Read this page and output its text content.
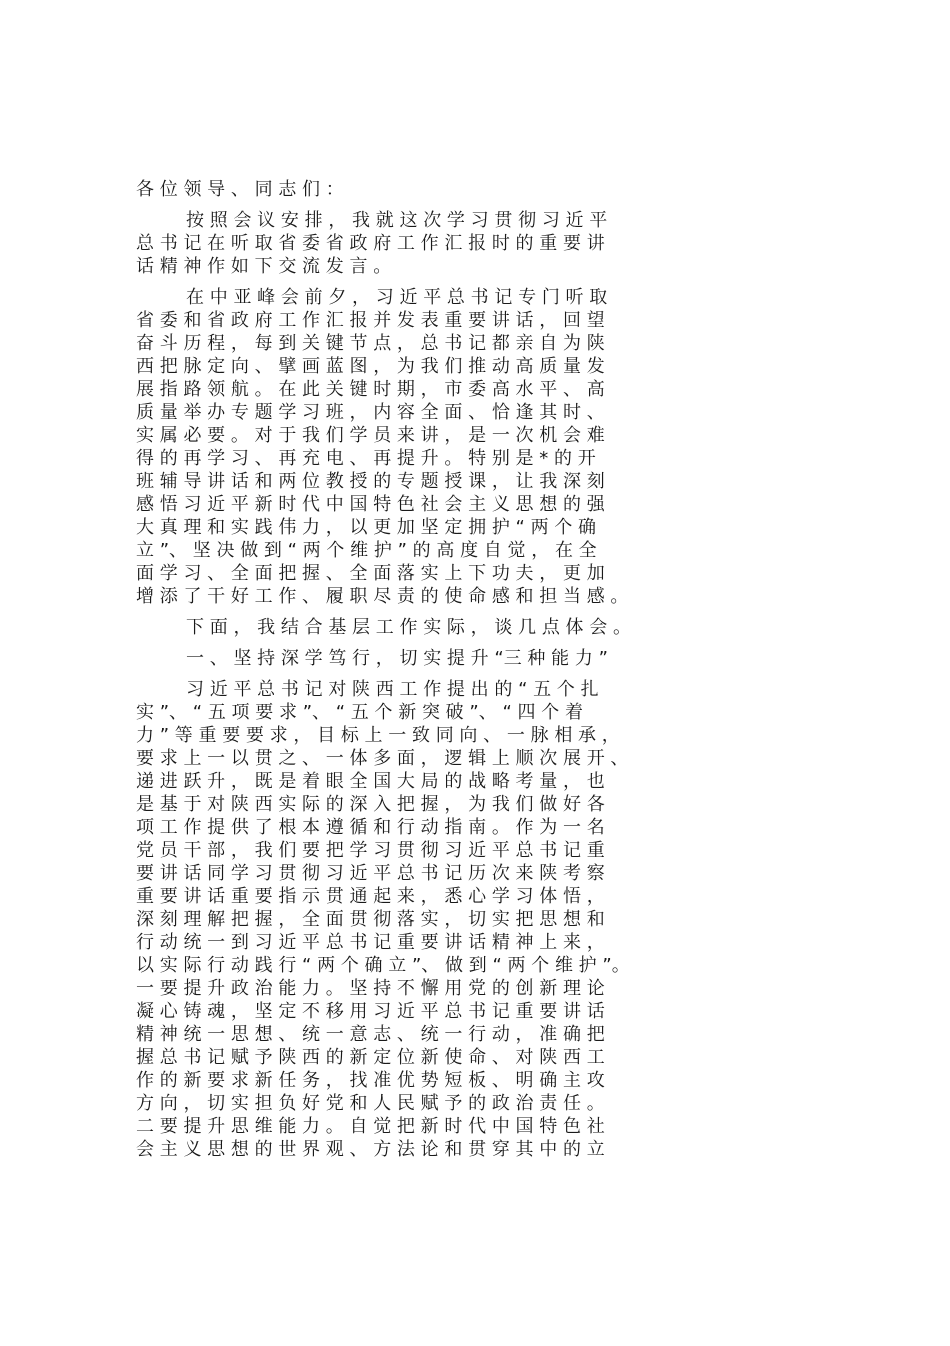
各 位 领 导 、 同 志 们 ：
按 照 会 议 安 排 ， 我 就 这 次 学 习 贯 彻 习 近 平
总 书 记 在 听 取 省 委 省 政 府 工 作 汇 报 时 的 重 要 讲
话 精 神 作 如 下 交 流 发 言 。
在 中 亚 峰 会 前 夕 ， 习 近 平 总 书 记 专 门 听 取
省 委 和 省 政 府 工 作 汇 报 并 发 表 重 要 讲 话 ， 回 望
奋 斗 历 程 ， 每 到 关 键 节 点 ， 总 书 记 都 亲 自 为 陕
西 把 脉 定 向 、 擘 画 蓝 图 ， 为 我 们 推 动 高 质 量 发
展 指 路 领 航 。 在 此 关 键 时 期 ， 市 委 高 水 平 、 高
质 量 举 办 专 题 学 习 班 ， 内 容 全 面 、 恰 逢 其 时 、
实 属 必 要 。 对 于 我 们 学 员 来 讲 ， 是 一 次 机 会 难
得 的 再 学 习 、 再 充 电 、 再 提 升 。 特 别 是 * 的 开
班 辅 导 讲 话 和 两 位 教 授 的 专 题 授 课 ， 让 我 深 刻
感 悟 习 近 平 新 时 代 中 国 特 色 社 会 主 义 思 想 的 强
大 真 理 和 实 践 伟 力 ， 以 更 加 坚 定 拥 护 “ 两 个 确
立 ”、 坚 决 做 到 “ 两 个 维 护 ” 的 高 度 自 觉 ， 在 全
面 学 习 、 全 面 把 握 、 全 面 落 实 上 下 功 夫 ， 更 加
增 添 了 干 好 工 作 、 履 职 尽 责 的 使 命 感 和 担 当 感 。
下 面 ， 我 结 合 基 层 工 作 实 际 ， 谈 几 点 体 会 。
一 、 坚 持 深 学 笃 行 ， 切 实 提 升 “三 种 能 力 ”
习 近 平 总 书 记 对 陕 西 工 作 提 出 的 “ 五 个 扎
实 ”、 “ 五 项 要 求 ”、 “ 五 个 新 突 破 ”、 “ 四 个 着
力 ” 等 重 要 要 求 ， 目 标 上 一 致 同 向 、 一 脉 相 承 ，
要 求 上 一 以 贯 之 、 一 体 多 面 ， 逻 辑 上 顺 次 展 开 、
递 进 跃 升 ， 既 是 着 眼 全 国 大 局 的 战 略 考 量 ， 也
是 基 于 对 陕 西 实 际 的 深 入 把 握 ， 为 我 们 做 好 各
项 工 作 提 供 了 根 本 遵 循 和 行 动 指 南 。 作 为 一 名
党 员 干 部 ， 我 们 要 把 学 习 贯 彻 习 近 平 总 书 记 重
要 讲 话 同 学 习 贯 彻 习 近 平 总 书 记 历 次 来 陕 考 察
重 要 讲 话 重 要 指 示 贯 通 起 来 ， 悉 心 学 习 体 悟 ，
深 刻 理 解 把 握 ， 全 面 贯 彻 落 实 ， 切 实 把 思 想 和
行 动 统 一 到 习 近 平 总 书 记 重 要 讲 话 精 神 上 来 ，
以 实 际 行 动 践 行 “ 两 个 确 立 ”、 做 到 “ 两 个 维 护 ”。
一 要 提 升 政 治 能 力 。 坚 持 不 懈 用 党 的 创 新 理 论
凝 心 铸 魂 ， 坚 定 不 移 用 习 近 平 总 书 记 重 要 讲 话
精 神 统 一 思 想 、 统 一 意 志 、 统 一 行 动 ， 准 确 把
握 总 书 记 赋 予 陕 西 的 新 定 位 新 使 命 、 对 陕 西 工
作 的 新 要 求 新 任 务 ， 找 准 优 势 短 板 、 明 确 主 攻
方 向 ， 切 实 担 负 好 党 和 人 民 赋 予 的 政 治 责 任 。
二 要 提 升 思 维 能 力 。 自 觉 把 新 时 代 中 国 特 色 社
会 主 义 思 想 的 世 界 观 、 方 法 论 和 贯 穿 其 中 的 立
